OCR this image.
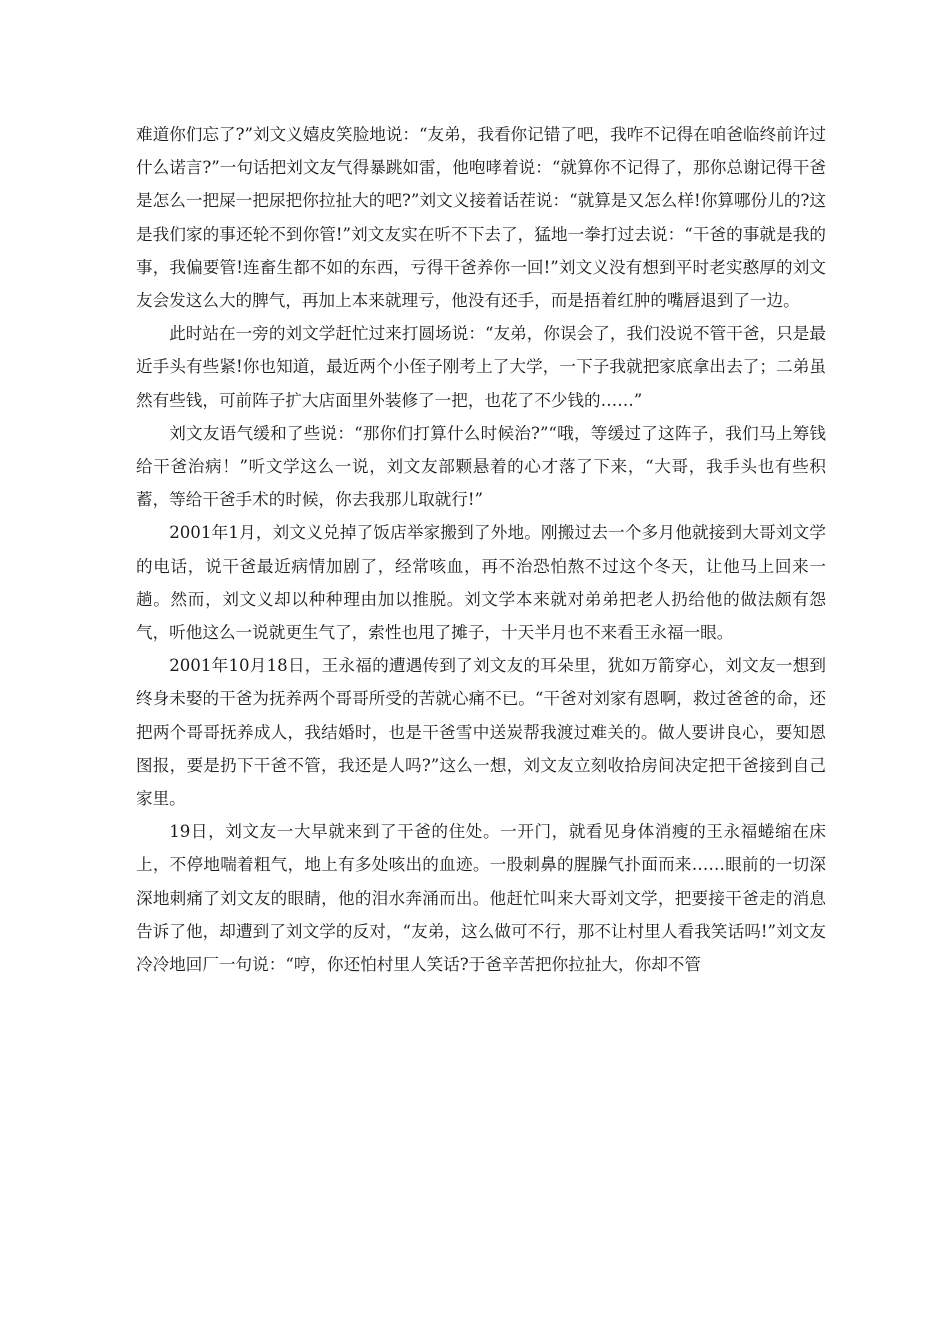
难道你们忘了?”刘文义嬉皮笑脸地说：“友弟，我看你记错了吧，我咋不记得在咱爸临终前许过什么诺言?”一句话把刘文友气得暴跳如雷，他咆哮着说：“就算你不记得了，那你总谢记得干爸是怎么一把屎一把尿把你拉扯大的吧?”刘文义接着话茬说：“就算是又怎么样!你算哪份儿的?这是我们家的事还轮不到你管!”刘文友实在听不下去了，猛地一拳打过去说：“干爸的事就是我的事，我偏要管!连畜生都不如的东西，亏得干爸养你一回!”刘文义没有想到平时老实憨厚的刘文友会发这么大的脾气，再加上本来就理亏，他没有还手，而是捂着红肿的嘴唇退到了一边。

此时站在一旁的刘文学赶忙过来打圆场说：“友弟，你误会了，我们没说不管干爸，只是最近手头有些紧!你也知道，最近两个小侄子刚考上了大学，一下子我就把家底拿出去了；二弟虽然有些钱，可前阵子扩大店面里外装修了一把，也花了不少钱的……”

刘文友语气缓和了些说：“那你们打算什么时候治?”“哦，等缓过了这阵子，我们马上筹钱给干爸治病！”听文学这么一说，刘文友部颗悬着的心才落了下来，“大哥，我手头也有些积蓄，等给干爸手术的时候，你去我那儿取就行!”

2001年1月，刘文义兑掉了饭店举家搬到了外地。刚搬过去一个多月他就接到大哥刘文学的电话，说干爸最近病情加剧了，经常咳血，再不治恐怕熬不过这个冬天，让他马上回来一趟。然而，刘文义却以种种理由加以推脱。刘文学本来就对弟弟把老人扔给他的做法颇有怨气，听他这么一说就更生气了，索性也甩了摊子，十天半月也不来看王永福一眼。

2001年10月18日，王永福的遭遇传到了刘文友的耳朵里，犹如万箭穿心，刘文友一想到终身未娶的干爸为抚养两个哥哥所受的苦就心痛不已。“干爸对刘家有恩啊，救过爸爸的命，还把两个哥哥抚养成人，我结婚时，也是干爸雪中送炭帮我渡过难关的。做人要讲良心，要知恩图报，要是扔下干爸不管，我还是人吗?”这么一想，刘文友立刻收拾房间决定把干爸接到自己家里。

19日，刘文友一大早就来到了干爸的住处。一开门，就看见身体消瘦的王永福蜷缩在床上，不停地喘着粗气，地上有多处咳出的血迹。一股刺鼻的腥臊气扑面而来……眼前的一切深深地刺痛了刘文友的眼睛，他的泪水奔涌而出。他赶忙叫来大哥刘文学，把要接干爸走的消息告诉了他，却遭到了刘文学的反对，“友弟，这么做可不行，那不让村里人看我笑话吗!”刘文友冷冷地回厂一句说：“哼，你还怕村里人笑话?于爸辛苦把你拉扯大，你却不管
